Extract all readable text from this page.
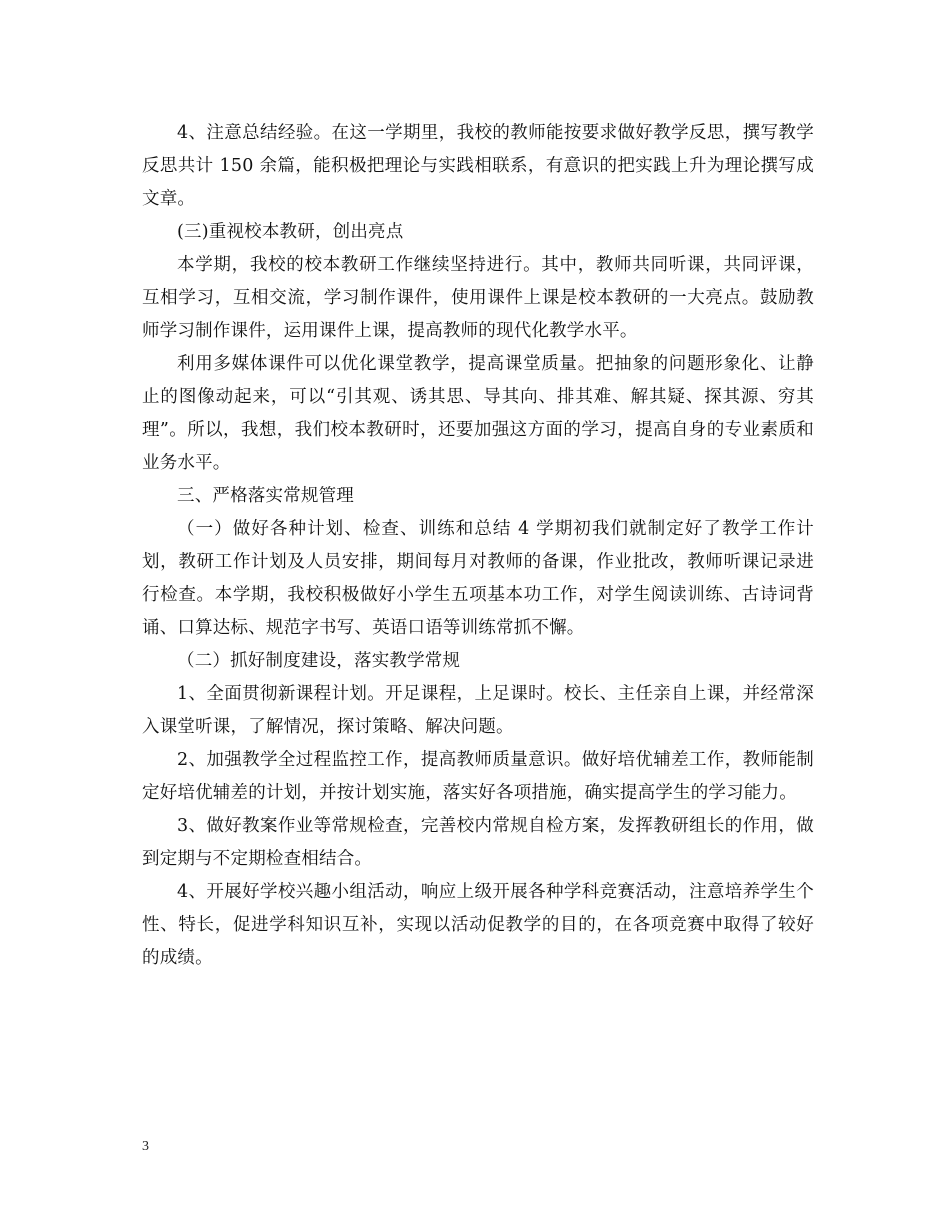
4、注意总结经验。在这一学期里，我校的教师能按要求做好教学反思，撰写教学反思共计 150 余篇，能积极把理论与实践相联系，有意识的把实践上升为理论撰写成文章。

(三)重视校本教研，创出亮点

本学期，我校的校本教研工作继续坚持进行。其中，教师共同听课，共同评课，互相学习，互相交流，学习制作课件，使用课件上课是校本教研的一大亮点。鼓励教师学习制作课件，运用课件上课，提高教师的现代化教学水平。

利用多媒体课件可以优化课堂教学，提高课堂质量。把抽象的问题形象化、让静止的图像动起来，可以“引其观、诱其思、导其向、排其难、解其疑、探其源、穷其理”。所以，我想，我们校本教研时，还要加强这方面的学习，提高自身的专业素质和业务水平。

三、严格落实常规管理

（一）做好各种计划、检查、训练和总结 4 学期初我们就制定好了教学工作计划，教研工作计划及人员安排，期间每月对教师的备课，作业批改，教师听课记录进行检查。本学期，我校积极做好小学生五项基本功工作，对学生阅读训练、古诗词背诵、口算达标、规范字书写、英语口语等训练常抓不懈。

（二）抓好制度建设，落实教学常规

1、全面贯彻新课程计划。开足课程，上足课时。校长、主任亲自上课，并经常深入课堂听课，了解情况，探讨策略、解决问题。

2、加强教学全过程监控工作，提高教师质量意识。做好培优辅差工作，教师能制定好培优辅差的计划，并按计划实施，落实好各项措施，确实提高学生的学习能力。

3、做好教案作业等常规检查，完善校内常规自检方案，发挥教研组长的作用，做到定期与不定期检查相结合。

4、开展好学校兴趣小组活动，响应上级开展各种学科竞赛活动，注意培养学生个性、特长，促进学科知识互补，实现以活动促教学的目的，在各项竞赛中取得了较好的成绩。

3
